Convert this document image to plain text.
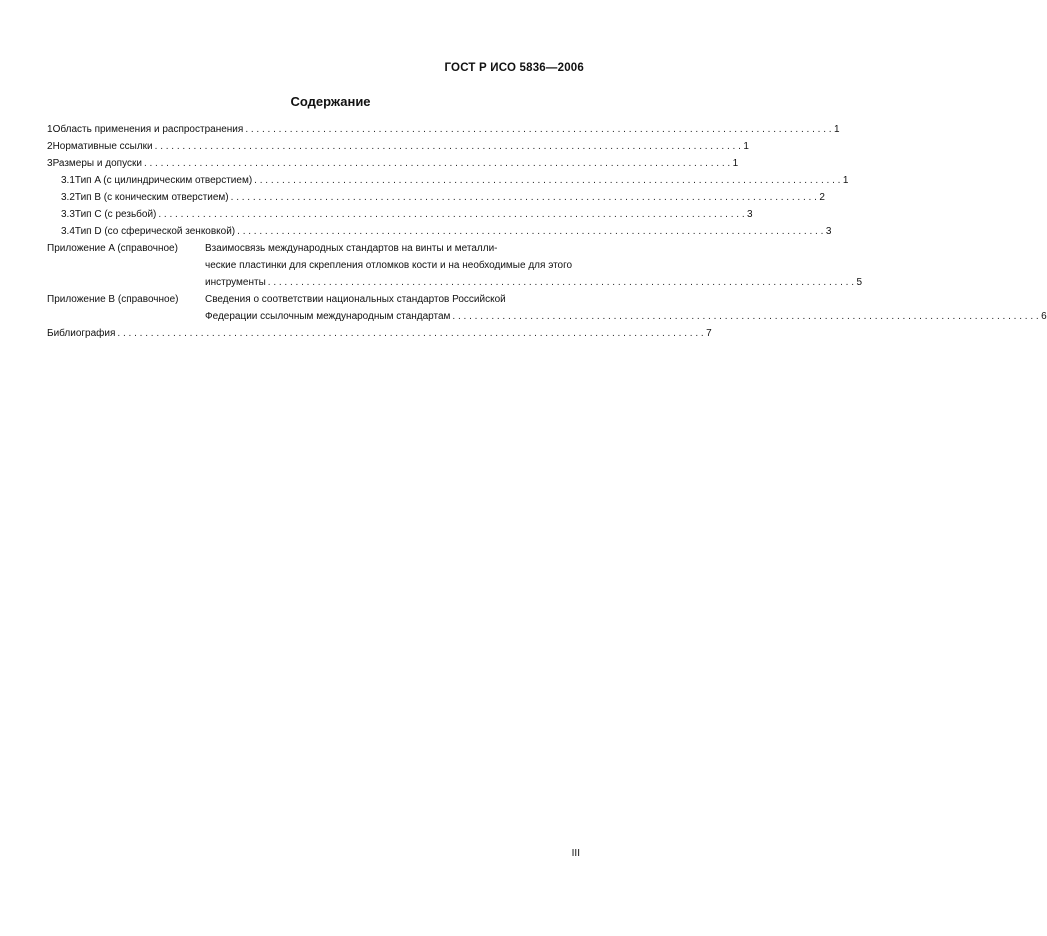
ГОСТ Р ИСО 5836—2006
Содержание
1 Область применения и распространения . . .	1
2 Нормативные ссылки . . .	1
3 Размеры и допуски . . .	1
3.1 Тип A (с цилиндрическим отверстием) . . .	1
3.2 Тип B (с коническим отверстием) . . .	2
3.3 Тип C (с резьбой) . . .	3
3.4 Тип D (со сферической зенковкой) . . .	3
Приложение A (справочное)	Взаимосвязь международных стандартов на винты и металли-
ческие пластинки для скрепления отломков кости и на необходимые для этого
инструменты . . .	5
Приложение B (справочное)	Сведения о соответствии национальных стандартов Российской
Федерации ссылочным международным стандартам . . .	6
Библиография . . .	7
III
